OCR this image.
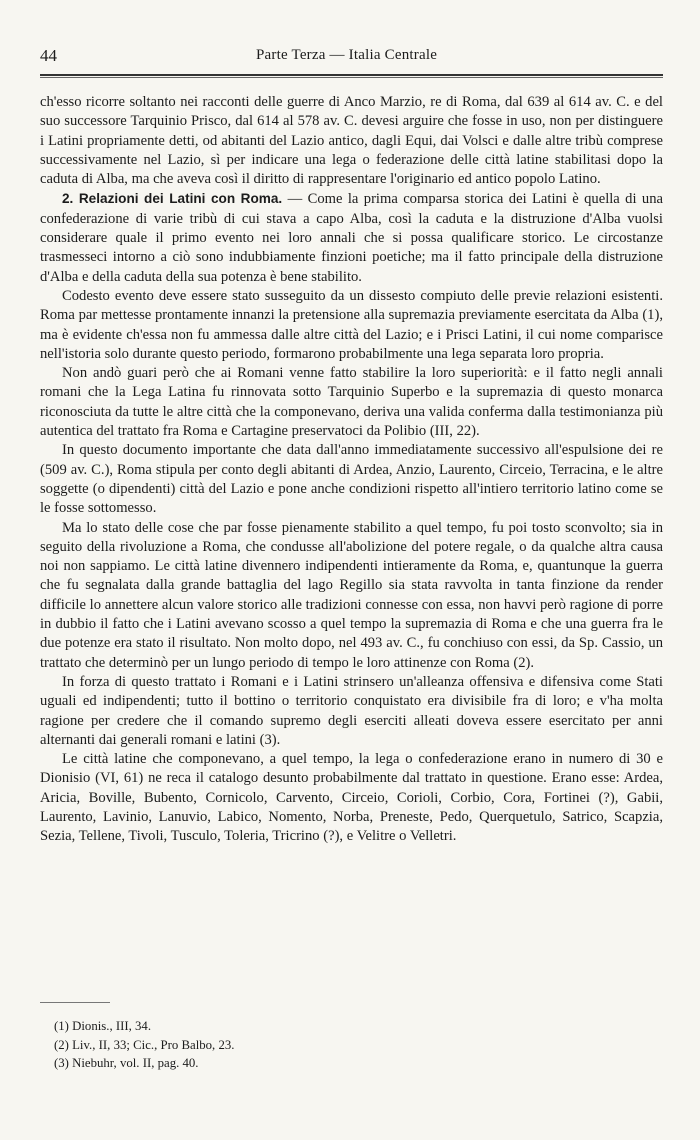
44	Parte Terza — Italia Centrale

ch'esso ricorre soltanto nei racconti delle guerre di Anco Marzio, re di Roma, dal 639 al 614 av. C. e del suo successore Tarquinio Prisco, dal 614 al 578 av. C. devesi arguire che fosse in uso, non per distinguere i Latini propriamente detti, od abitanti del Lazio antico, dagli Equi, dai Volsci e dalle altre tribù comprese successivamente nel Lazio, sì per indicare una lega o federazione delle città latine stabilitasi dopo la caduta di Alba, ma che aveva così il diritto di rappresentare l'originario ed antico popolo Latino.

2. Relazioni dei Latini con Roma. — Come la prima comparsa storica dei Latini è quella di una confederazione di varie tribù di cui stava a capo Alba, così la caduta e la distruzione d'Alba vuolsi considerare quale il primo evento nei loro annali che si possa qualificare storico. Le circostanze trasmesseci intorno a ciò sono indubbiamente finzioni poetiche; ma il fatto principale della distruzione d'Alba e della caduta della sua potenza è bene stabilito.

Codesto evento deve essere stato susseguito da un dissesto compiuto delle previe relazioni esistenti. Roma par mettesse prontamente innanzi la pretensione alla supremazia previamente esercitata da Alba (1), ma è evidente ch'essa non fu ammessa dalle altre città del Lazio; e i Prisci Latini, il cui nome comparisce nell'istoria solo durante questo periodo, formarono probabilmente una lega separata loro propria.

Non andò guari però che ai Romani venne fatto stabilire la loro superiorità: e il fatto negli annali romani che la Lega Latina fu rinnovata sotto Tarquinio Superbo e la supremazia di questo monarca riconosciuta da tutte le altre città che la componevano, deriva una valida conferma dalla testimonianza più autentica del trattato fra Roma e Cartagine preservatoci da Polibio (III, 22).

In questo documento importante che data dall'anno immediatamente successivo all'espulsione dei re (509 av. C.), Roma stipula per conto degli abitanti di Ardea, Anzio, Laurento, Circeio, Terracina, e le altre soggette (o dipendenti) città del Lazio e pone anche condizioni rispetto all'intiero territorio latino come se le fosse sottomesso.

Ma lo stato delle cose che par fosse pienamente stabilito a quel tempo, fu poi tosto sconvolto; sia in seguito della rivoluzione a Roma, che condusse all'abolizione del potere regale, o da qualche altra causa noi non sappiamo. Le città latine divennero indipendenti intieramente da Roma, e, quantunque la guerra che fu segnalata dalla grande battaglia del lago Regillo sia stata ravvolta in tanta finzione da render difficile lo annettere alcun valore storico alle tradizioni connesse con essa, non havvi però ragione di porre in dubbio il fatto che i Latini avevano scosso a quel tempo la supremazia di Roma e che una guerra fra le due potenze era stato il risultato. Non molto dopo, nel 493 av. C., fu conchiuso con essi, da Sp. Cassio, un trattato che determinò per un lungo periodo di tempo le loro attinenze con Roma (2).

In forza di questo trattato i Romani e i Latini strinsero un'alleanza offensiva e difensiva come Stati uguali ed indipendenti; tutto il bottino o territorio conquistato era divisibile fra di loro; e v'ha molta ragione per credere che il comando supremo degli eserciti alleati doveva essere esercitato per anni alternanti dai generali romani e latini (3).

Le città latine che componevano, a quel tempo, la lega o confederazione erano in numero di 30 e Dionisio (VI, 61) ne reca il catalogo desunto probabilmente dal trattato in questione. Erano esse: Ardea, Aricia, Boville, Bubento, Cornicolo, Carvento, Circeio, Corioli, Corbio, Cora, Fortinei (?), Gabii, Laurento, Lavinio, Lanuvio, Labico, Nomento, Norba, Preneste, Pedo, Querquetulo, Satrico, Scapzia, Sezia, Tellene, Tivoli, Tusculo, Toleria, Tricrino (?), e Velitre o Velletri.

(1) Dionis., III, 34.

(2) Liv., II, 33; Cic., Pro Balbo, 23.

(3) Niebuhr, vol. II, pag. 40.
